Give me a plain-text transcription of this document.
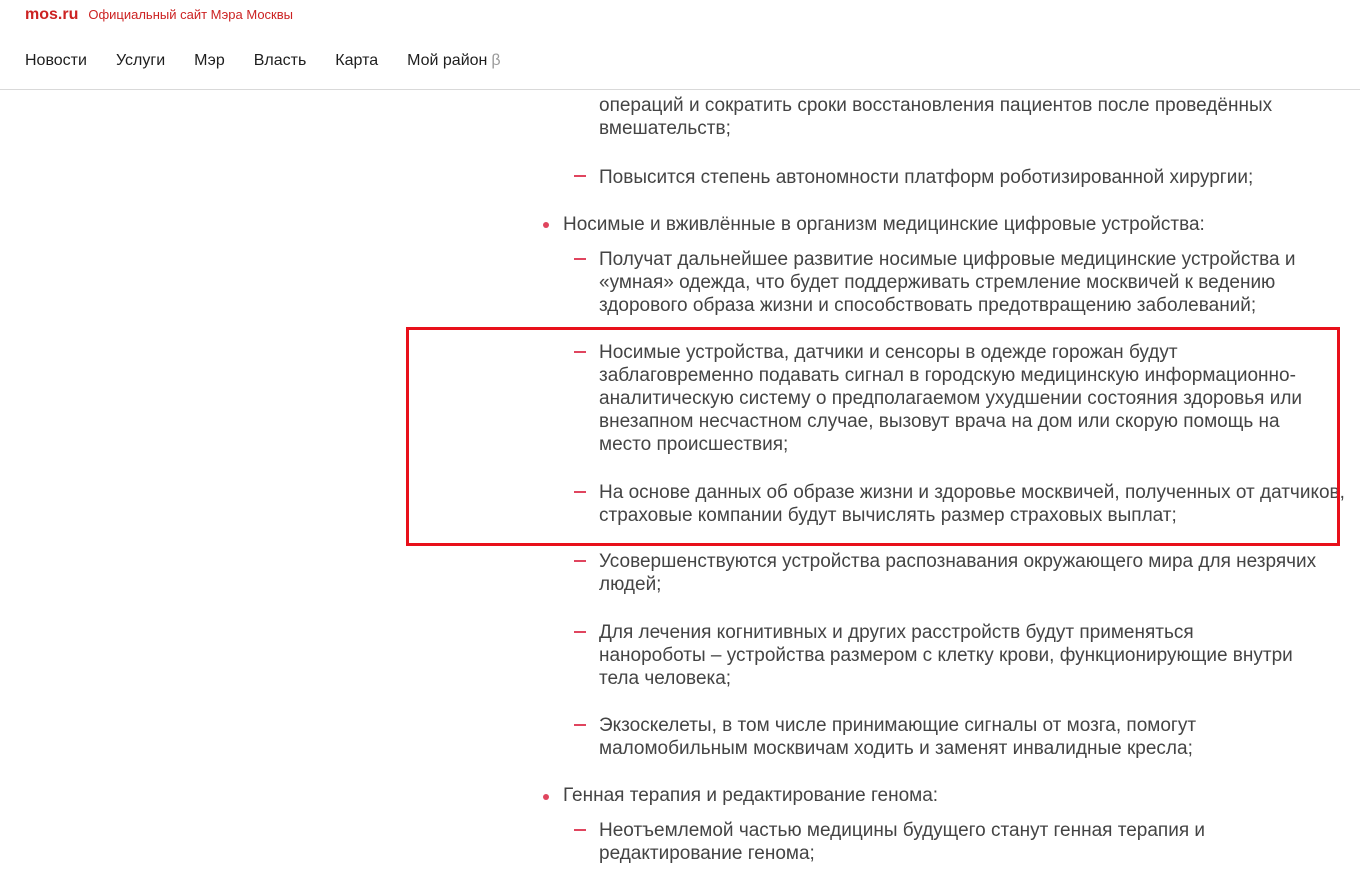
операций и сократить сроки восстановления пациентов после проведённых вмешательств;
Повысится степень автономности платформ роботизированной хирургии;
Носимые и вживлённые в организм медицинские цифровые устройства:
Получат дальнейшее развитие носимые цифровые медицинские устройства и «умная» одежда, что будет поддерживать стремление москвичей к ведению здорового образа жизни и способствовать предотвращению заболеваний;
Носимые устройства, датчики и сенсоры в одежде горожан будут заблаговременно подавать сигнал в городскую медицинскую информационно-аналитическую систему о предполагаемом ухудшении состояния здоровья или внезапном несчастном случае, вызовут врача на дом или скорую помощь на место происшествия;
На основе данных об образе жизни и здоровье москвичей, полученных от датчиков, страховые компании будут вычислять размер страховых выплат;
Усовершенствуются устройства распознавания окружающего мира для незрячих людей;
Для лечения когнитивных и других расстройств будут применяться нанороботы – устройства размером с клетку крови, функционирующие внутри тела человека;
Экзоскелеты, в том числе принимающие сигналы от мозга, помогут маломобильным москвичам ходить и заменят инвалидные кресла;
Генная терапия и редактирование генома:
Неотъемлемой частью медицины будущего станут генная терапия и редактирование генома;
mos.ru Официальный сайт Мэра Москвы
Новости Услуги Мэр Власть Карта Мой район β
